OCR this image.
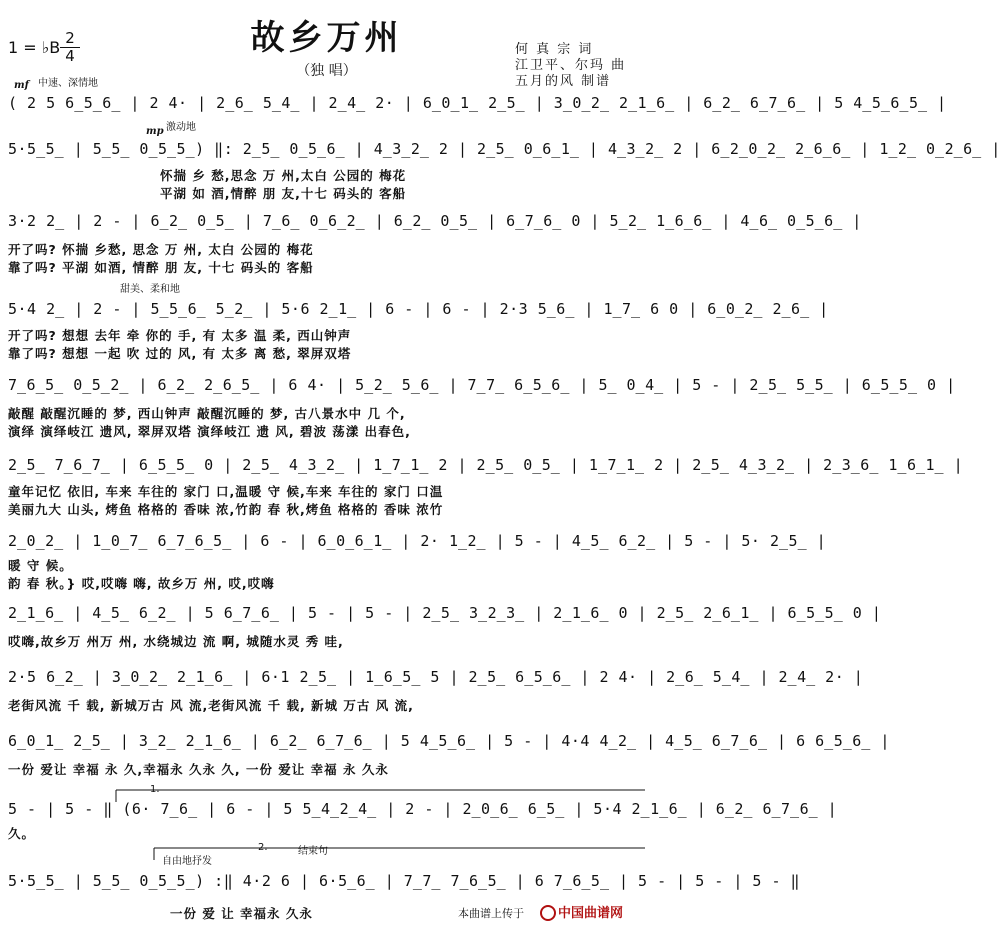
故乡万州
（独 唱）
1 = ♭B 2
4	何 真 宗 词
江卫平、尔玛 曲
五月的风 制谱
mf 中速、深情地
mp 激动地
甜美、柔和地
自由地抒发
1.
2.	结束句
( 2 5 6̲5̲6̲ | 2 4· | 2̲6̲ 5̲4̲ | 2̲4̲ 2· | 6̲0̲1̲ 2̲5̲ | 3̲0̲2̲ 2̲1̲6̲ | 6̲2̲ 6̲7̲6̲ | 5 4̲5̲6̲5̲ |
5·5̲5̲ | 5̲5̲ 0̲5̲5̲) ‖: 2̲5̲ 0̲5̲6̲ | 4̲3̲2̲ 2 | 2̲5̲ 0̲6̲1̲ | 4̲3̲2̲ 2 | 6̲2̲0̲2̲ 2̲6̲6̲ | 1̲2̲ 0̲2̲6̲ |
怀揣 乡 愁,思念 万 州,太白 公园的 梅花
平湖 如 酒,情醉 朋 友,十七 码头的 客船
3·2 2̲ | 2 - | 6̲2̲ 0̲5̲ | 7̲6̲ 0̲6̲2̲ | 6̲2̲ 0̲5̲ | 6̲7̲6̲ 0 | 5̲2̲ 1̲6̲6̲ | 4̲6̲ 0̲5̲6̲ |
开了吗? 怀揣 乡愁, 思念 万 州, 太白 公园的 梅花
靠了吗? 平湖 如酒, 情醉 朋 友, 十七 码头的 客船
5·4 2̲ | 2 - | 5̲5̲6̲ 5̲2̲ | 5·6 2̲1̲ | 6 - | 6 - | 2·3 5̲6̲ | 1̲7̲ 6 0 | 6̲0̲2̲ 2̲6̲ |
开了吗? 想想 去年 牵 你的 手, 有 太多 温 柔, 西山钟声
靠了吗? 想想 一起 吹 过的 风, 有 太多 离 愁, 翠屏双塔
7̲6̲5̲ 0̲5̲2̲ | 6̲2̲ 2̲6̲5̲ | 6 4· | 5̲2̲ 5̲6̲ | 7̲7̲ 6̲5̲6̲ | 5̲ 0̲4̲ | 5 - | 2̲5̲ 5̲5̲ | 6̲5̲5̲ 0 |
敲醒 敲醒沉睡的 梦, 西山钟声 敲醒沉睡的 梦, 古八景水中 几 个,
演绎 演绎岐江 遗风, 翠屏双塔 演绎岐江 遗 风, 碧波 荡漾 出春色,
2̲5̲ 7̲6̲7̲ | 6̲5̲5̲ 0 | 2̲5̲ 4̲3̲2̲ | 1̲7̲1̲ 2 | 2̲5̲ 0̲5̲ | 1̲7̲1̲ 2 | 2̲5̲ 4̲3̲2̲ | 2̲3̲6̲ 1̲6̲1̲ |
童年记忆 依旧, 车来 车往的 家门 口,温暖 守 候,车来 车往的 家门 口温
美丽九大 山头, 烤鱼 格格的 香味 浓,竹韵 春 秋,烤鱼 格格的 香味 浓竹
2̲0̲2̲ | 1̲0̲7̲ 6̲7̲6̲5̲ | 6 - | 6̲0̲6̲1̲ | 2· 1̲2̲ | 5 - | 4̲5̲ 6̲2̲ | 5 - | 5· 2̲5̲ |
暖 守 候。
韵 春 秋。} 哎,哎嗨 嗨, 故乡万 州, 哎,哎嗨
2̲1̲6̲ | 4̲5̲ 6̲2̲ | 5 6̲7̲6̲ | 5 - | 5 - | 2̲5̲ 3̲2̲3̲ | 2̲1̲6̲ 0 | 2̲5̲ 2̲6̲1̲ | 6̲5̲5̲ 0 |
哎嗨,故乡万 州万 州, 水绕城边 流 啊, 城随水灵 秀 哇,
2·5 6̲2̲ | 3̲0̲2̲ 2̲1̲6̲ | 6·1 2̲5̲ | 1̲6̲5̲ 5 | 2̲5̲ 6̲5̲6̲ | 2 4· | 2̲6̲ 5̲4̲ | 2̲4̲ 2· |
老街风流 千 载, 新城万古 风 流,老街风流 千 载, 新城 万古 风 流,
6̲0̲1̲ 2̲5̲ | 3̲2̲ 2̲1̲6̲ | 6̲2̲ 6̲7̲6̲ | 5 4̲5̲6̲ | 5 - | 4·4 4̲2̲ | 4̲5̲ 6̲7̲6̲ | 6 6̲5̲6̲ |
一份 爱让 幸福 永 久,幸福永 久永 久, 一份 爱让 幸福 永 久永
5 - | 5 - ‖ (6· 7̲6̲ | 6 - | 5 5̲4̲2̲4̲ | 2 - | 2̲0̲6̲ 6̲5̲ | 5·4 2̲1̲6̲ | 6̲2̲ 6̲7̲6̲ |
久。
5·5̲5̲ | 5̲5̲ 0̲5̲5̲) :‖ 4·2 6 | 6·5̲6̲ | 7̲7̲ 7̲6̲5̲ | 6 7̲6̲5̲ | 5 - | 5 - | 5 - ‖
一份 爱 让 幸福永 久永	本曲谱上传于	中国曲谱网
